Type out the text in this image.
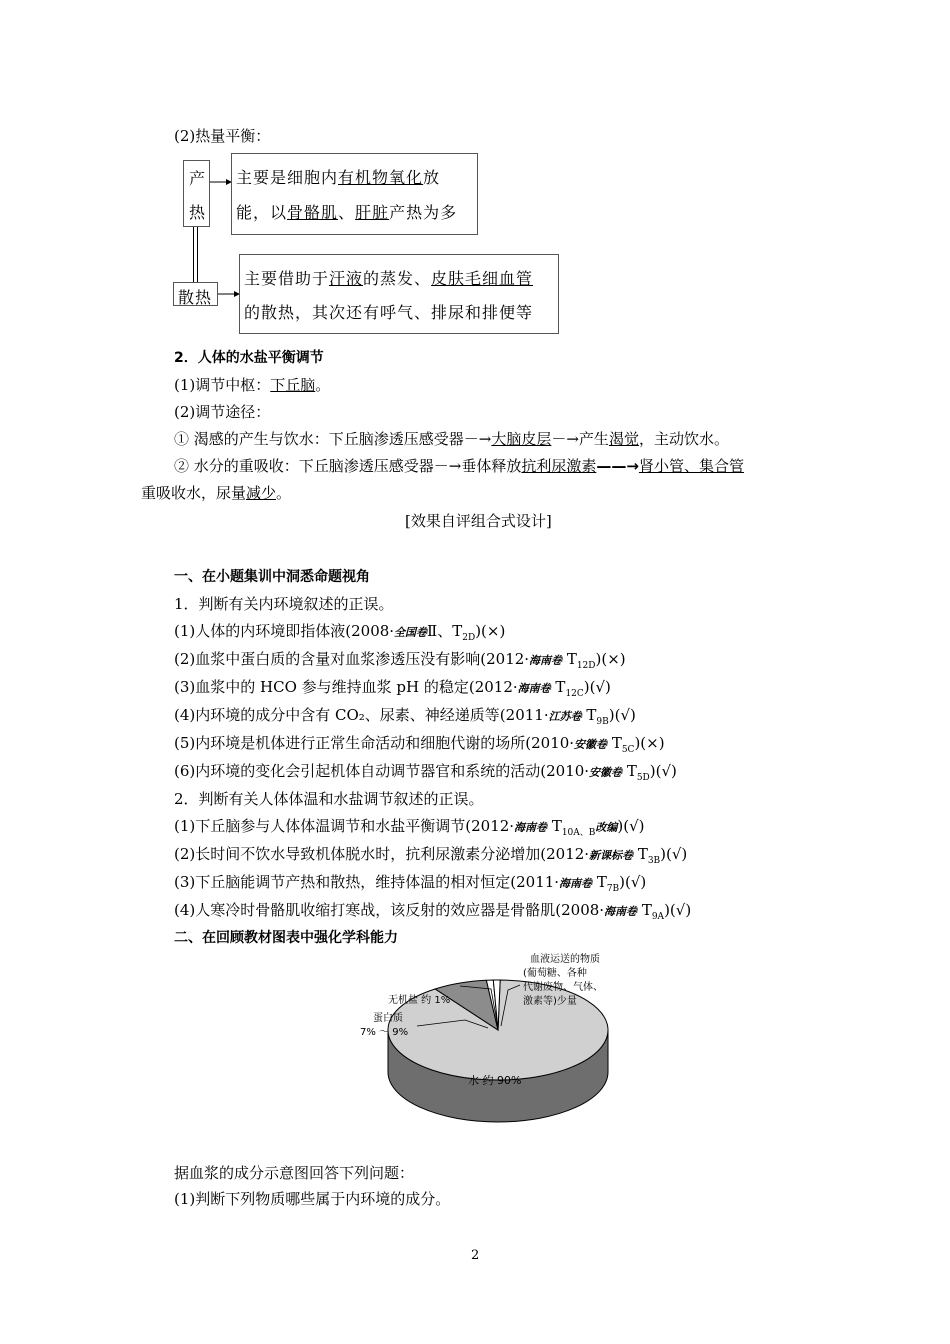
(2)热量平衡：
产
热
主要是细胞内有机物氧化放
能，以骨骼肌、肝脏产热为多
散热
主要借助于汗液的蒸发、皮肤毛细血管
的散热，其次还有呼气、排尿和排便等
2．人体的水盐平衡调节
(1)调节中枢：下丘脑。
(2)调节途径：
① 渴感的产生与饮水：下丘脑渗透压感受器－→大脑皮层－→产生渴觉，主动饮水。
② 水分的重吸收：下丘脑渗透压感受器－→垂体释放抗利尿激素——→肾小管、集合管
重吸收水，尿量减少。
[效果自评组合式设计]
一、在小题集训中洞悉命题视角
1．判断有关内环境叙述的正误。
(1)人体的内环境即指体液(2008·全国卷Ⅱ、$T_{2D})(\times)$
(2)血浆中蛋白质的含量对血浆渗透压没有影响(2012·海南卷 $T_{12D})(\times)$
(3)血浆中的 HCO 参与维持血浆 pH 的稳定(2012·海南卷 $T_{12C})(√)$
(4)内环境的成分中含有 CO₂、尿素、神经递质等(2011·江苏卷 $T_{9B})(√)$
(5)内环境是机体进行正常生命活动和细胞代谢的场所(2010·安徽卷 $T_{5C})(\times)$
(6)内环境的变化会引起机体自动调节器官和系统的活动(2010·安徽卷 $T_{5D})(√)$
2．判断有关人体体温和水盐调节叙述的正误。
(1)下丘脑参与人体体温调节和水盐平衡调节(2012·海南卷 $T_{10A、B}$改编)(√)
(2)长时间不饮水导致机体脱水时，抗利尿激素分泌增加(2012·新课标卷 $T_{3B})(√)$
(3)下丘脑能调节产热和散热，维持体温的相对恒定(2011·海南卷 $T_{7B})(√)$
(4)人寒冷时骨骼肌收缩打寒战，该反射的效应器是骨骼肌(2008·海南卷 $T_{9A})(√)$
二、在回顾教材图表中强化学科能力
水 约 90%
无机盐 约 1%
蛋白质
7% ～ 9%
血液运送的物质
(葡萄糖、各种
代谢废物、气体、
激素等)少量
据血浆的成分示意图回答下列问题：
(1)判断下列物质哪些属于内环境的成分。
2
